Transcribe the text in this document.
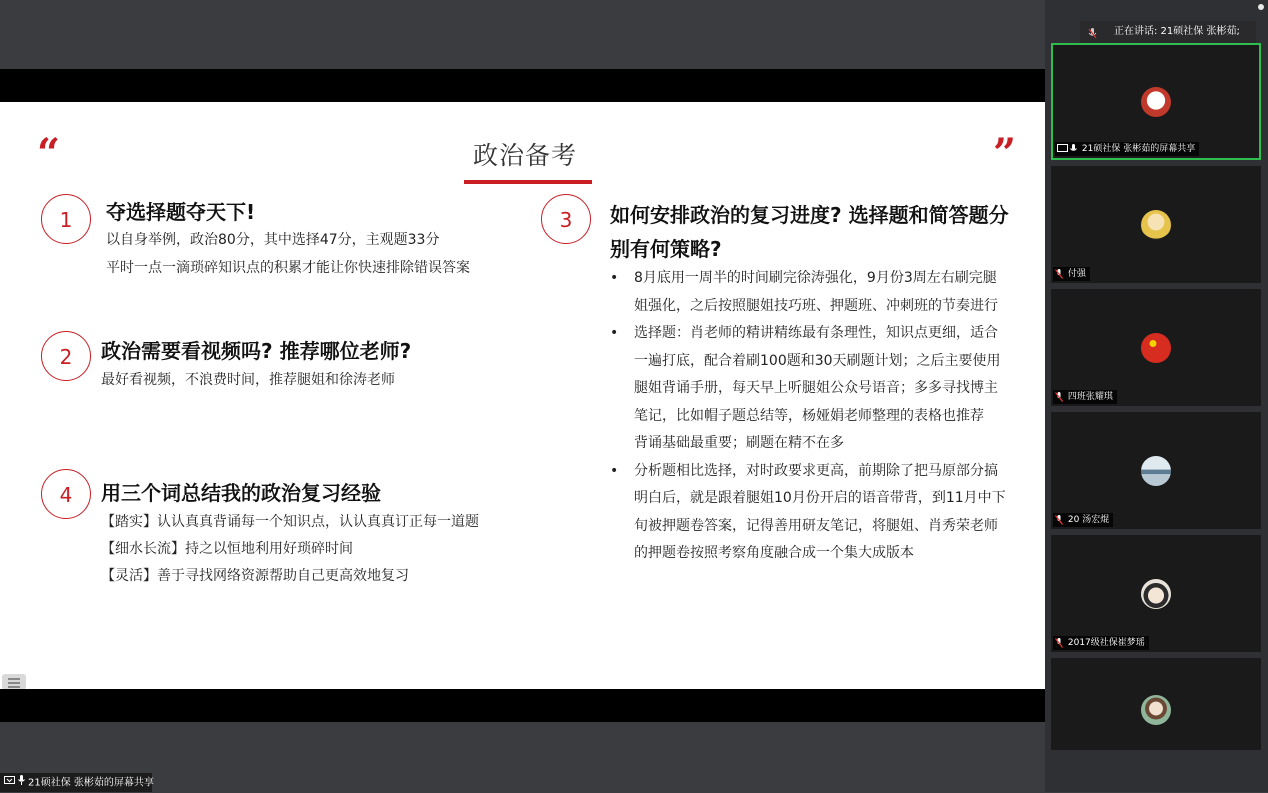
“	”
政治备考
1	夺选择题夺天下!
以自身举例，政治80分，其中选择47分，主观题33分
平时一点一滴琐碎知识点的积累才能让你快速排除错误答案
2	政治需要看视频吗? 推荐哪位老师?
最好看视频，不浪费时间，推荐腿姐和徐涛老师
4	用三个词总结我的政治复习经验
【踏实】认认真真背诵每一个知识点，认认真真订正每一道题
【细水长流】持之以恒地利用好琐碎时间
【灵活】善于寻找网络资源帮助自己更高效地复习
3	如何安排政治的复习进度? 选择题和简答题分别有何策略?
• 8月底用一周半的时间刷完徐涛强化，9月份3周左右刷完腿姐强化，之后按照腿姐技巧班、押题班、冲刺班的节奏进行
• 选择题：肖老师的精讲精练最有条理性，知识点更细，适合一遍打底，配合着刷100题和30天刷题计划；之后主要使用腿姐背诵手册，每天早上听腿姐公众号语音；多多寻找博主笔记，比如帽子题总结等，杨娅娟老师整理的表格也推荐
背诵基础最重要；刷题在精不在多
• 分析题相比选择，对时政要求更高，前期除了把马原部分搞明白后，就是跟着腿姐10月份开启的语音带背，到11月中下旬被押题卷答案，记得善用研友笔记，将腿姐、肖秀荣老师的押题卷按照考察角度融合成一个集大成版本
21硕社保 张彬茹的屏幕共享
正在讲话: 21硕社保 张彬茹;
21硕社保 张彬茹的屏幕共享
付强
四班张耀琪
20 汤宏焜
2017级社保崔梦瑶
